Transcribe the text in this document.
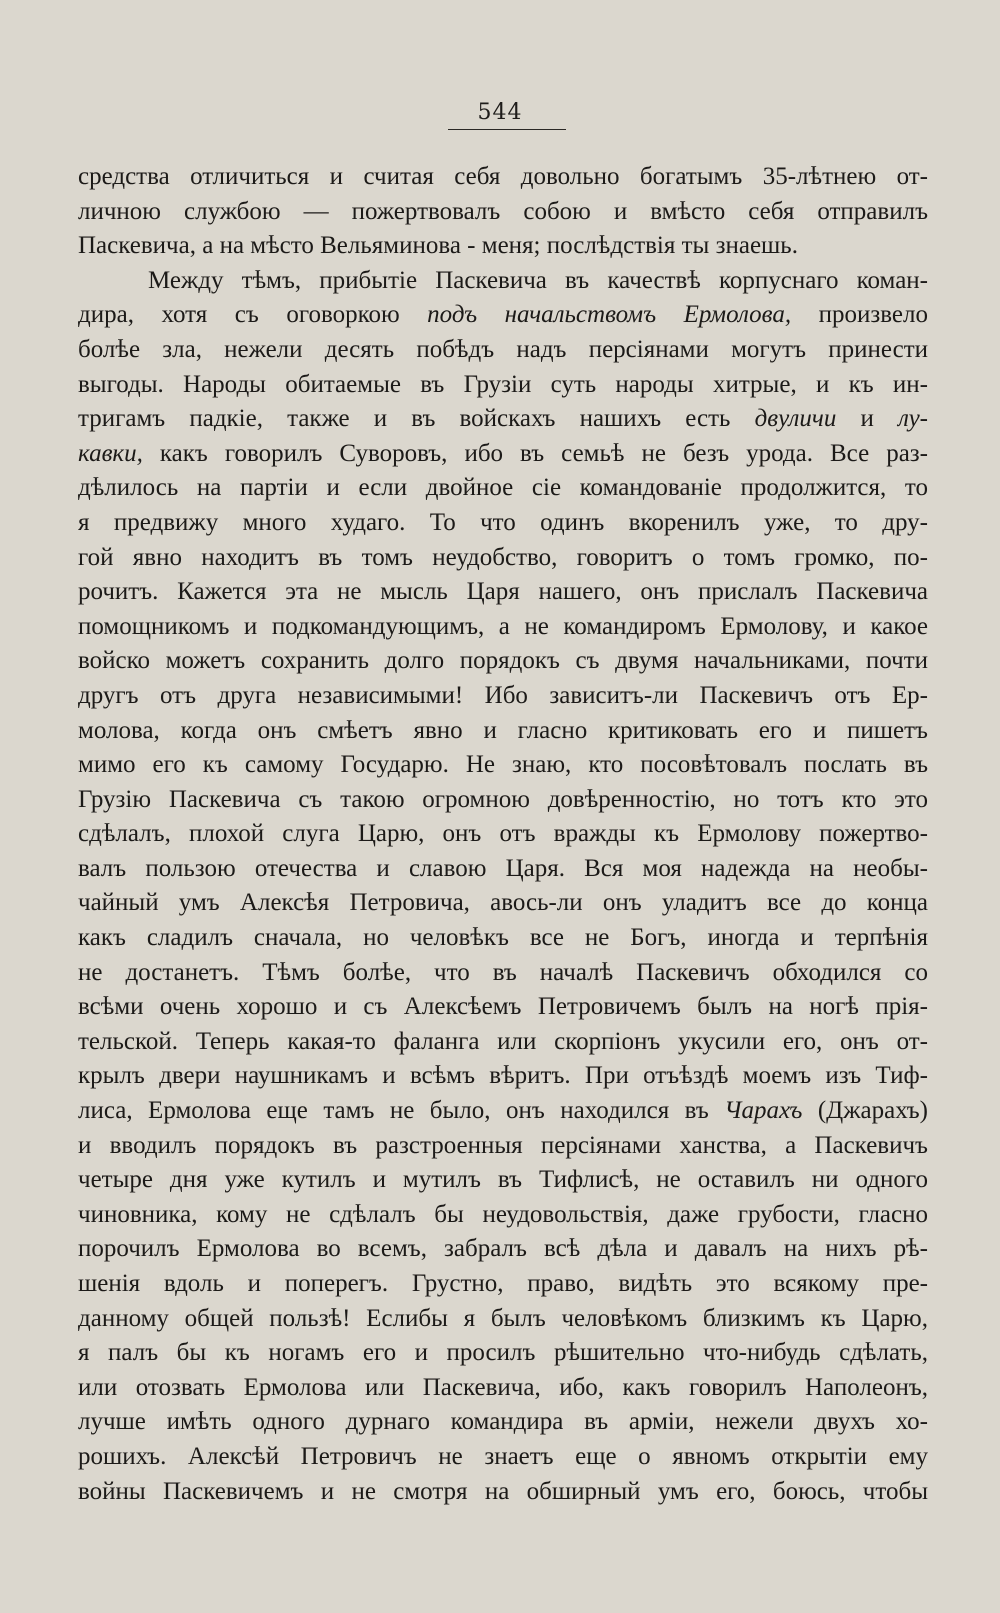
544
средства отличиться и считая себя довольно богатымъ 35-лѣтнею от-
личною службою — пожертвовалъ собою и вмѣсто себя отправилъ
Паскевича, а на мѣсто Вельяминова - меня; послѣдствія ты знаешь.
Между тѣмъ, прибытіе Паскевича въ качествѣ корпуснаго коман-
дира, хотя съ оговоркою подъ начальствомъ Ермолова, произвело
болѣе зла, нежели десять побѣдъ надъ персіянами могутъ принести
выгоды. Народы обитаемые въ Грузіи суть народы хитрые, и къ ин-
тригамъ падкіе, также и въ войскахъ нашихъ есть двуличи и лу-
кавки, какъ говорилъ Суворовъ, ибо въ семьѣ не безъ урода. Все раз-
дѣлилось на партіи и если двойное сіе командованіе продолжится, то
я предвижу много худаго. То что одинъ вкоренилъ уже, то дру-
гой явно находитъ въ томъ неудобство, говоритъ о томъ громко, по-
рочитъ. Кажется эта не мысль Царя нашего, онъ прислалъ Паскевича
помощникомъ и подкомандующимъ, а не командиромъ Ермолову, и какое
войско можетъ сохранить долго порядокъ съ двумя начальниками, почти
другъ отъ друга независимыми! Ибо зависитъ-ли Паскевичъ отъ Ер-
молова, когда онъ смѣетъ явно и гласно критиковать его и пишетъ
мимо его къ самому Государю. Не знаю, кто посовѣтовалъ послать въ
Грузію Паскевича съ такою огромною довѣренностію, но тотъ кто это
сдѣлалъ, плохой слуга Царю, онъ отъ вражды къ Ермолову пожертво-
валъ пользою отечества и славою Царя. Вся моя надежда на необы-
чайный умъ Алексѣя Петровича, авось-ли онъ уладитъ все до конца
какъ сладилъ сначала, но человѣкъ все не Богъ, иногда и терпѣнія
не достанетъ. Тѣмъ болѣе, что въ началѣ Паскевичъ обходился со
всѣми очень хорошо и съ Алексѣемъ Петровичемъ былъ на ногѣ прія-
тельской. Теперь какая-то фаланга или скорпіонъ укусили его, онъ от-
крылъ двери наушникамъ и всѣмъ вѣритъ. При отъѣздѣ моемъ изъ Тиф-
лиса, Ермолова еще тамъ не было, онъ находился въ Чарахъ (Джарахъ)
и вводилъ порядокъ въ разстроенныя персіянами ханства, а Паскевичъ
четыре дня уже кутилъ и мутилъ въ Тифлисѣ, не оставилъ ни одного
чиновника, кому не сдѣлалъ бы неудовольствія, даже грубости, гласно
порочилъ Ермолова во всемъ, забралъ всѣ дѣла и давалъ на нихъ рѣ-
шенія вдоль и поперегъ. Грустно, право, видѣть это всякому пре-
данному общей пользѣ! Еслибы я былъ человѣкомъ близкимъ къ Царю,
я палъ бы къ ногамъ его и просилъ рѣшительно что-нибудь сдѣлать,
или отозвать Ермолова или Паскевича, ибо, какъ говорилъ Наполеонъ,
лучше имѣть одного дурнаго командира въ арміи, нежели двухъ хо-
рошихъ. Алексѣй Петровичъ не знаетъ еще о явномъ открытіи ему
войны Паскевичемъ и не смотря на обширный умъ его, боюсь, чтобы
